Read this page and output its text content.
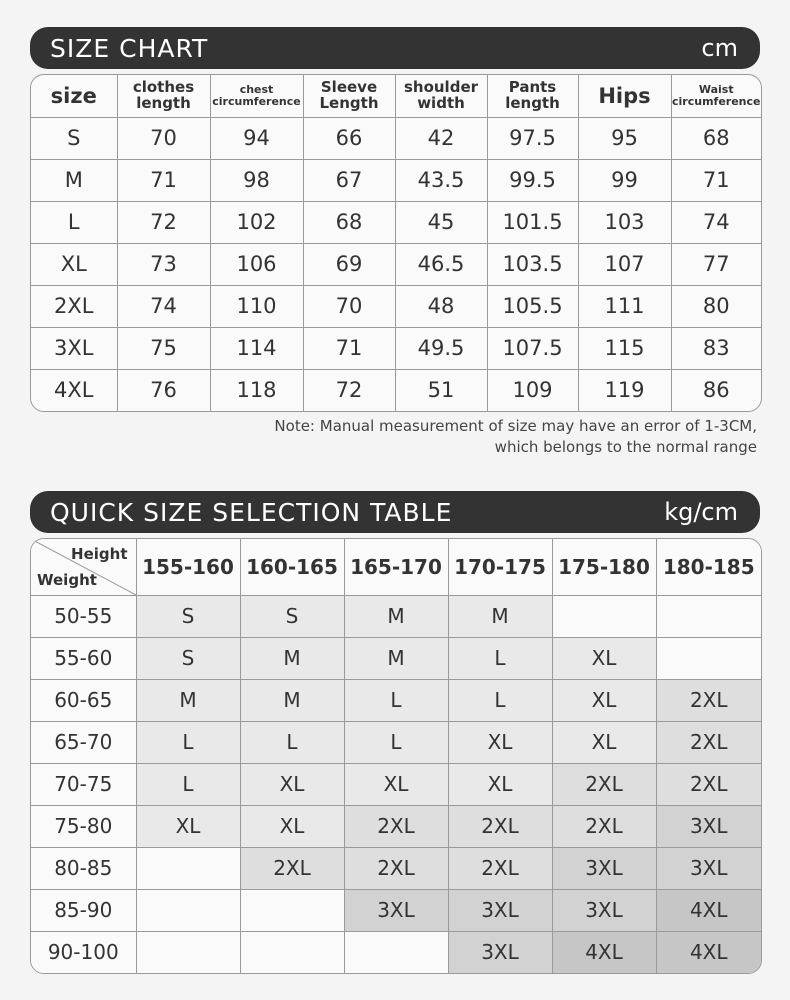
SIZE CHART	cm
size	clothes length	chest circumference	Sleeve Length	shoulder width	Pants length	Hips	Waist circumference
S	70	94	66	42	97.5	95	68
M	71	98	67	43.5	99.5	99	71
L	72	102	68	45	101.5	103	74
XL	73	106	69	46.5	103.5	107	77
2XL	74	110	70	48	105.5	111	80
3XL	75	114	71	49.5	107.5	115	83
4XL	76	118	72	51	109	119	86
Note: Manual measurement of size may have an error of 1-3CM,
which belongs to the normal range
QUICK SIZE SELECTION TABLE	kg/cm
Height
Weight	155-160	160-165	165-170	170-175	175-180	180-185
50-55	S	S	M	M		
55-60	S	M	M	L	XL	
60-65	M	M	L	L	XL	2XL
65-70	L	L	L	XL	XL	2XL
70-75	L	XL	XL	XL	2XL	2XL
75-80	XL	XL	2XL	2XL	2XL	3XL
80-85		2XL	2XL	2XL	3XL	3XL
85-90			3XL	3XL	3XL	4XL
90-100				3XL	4XL	4XL
